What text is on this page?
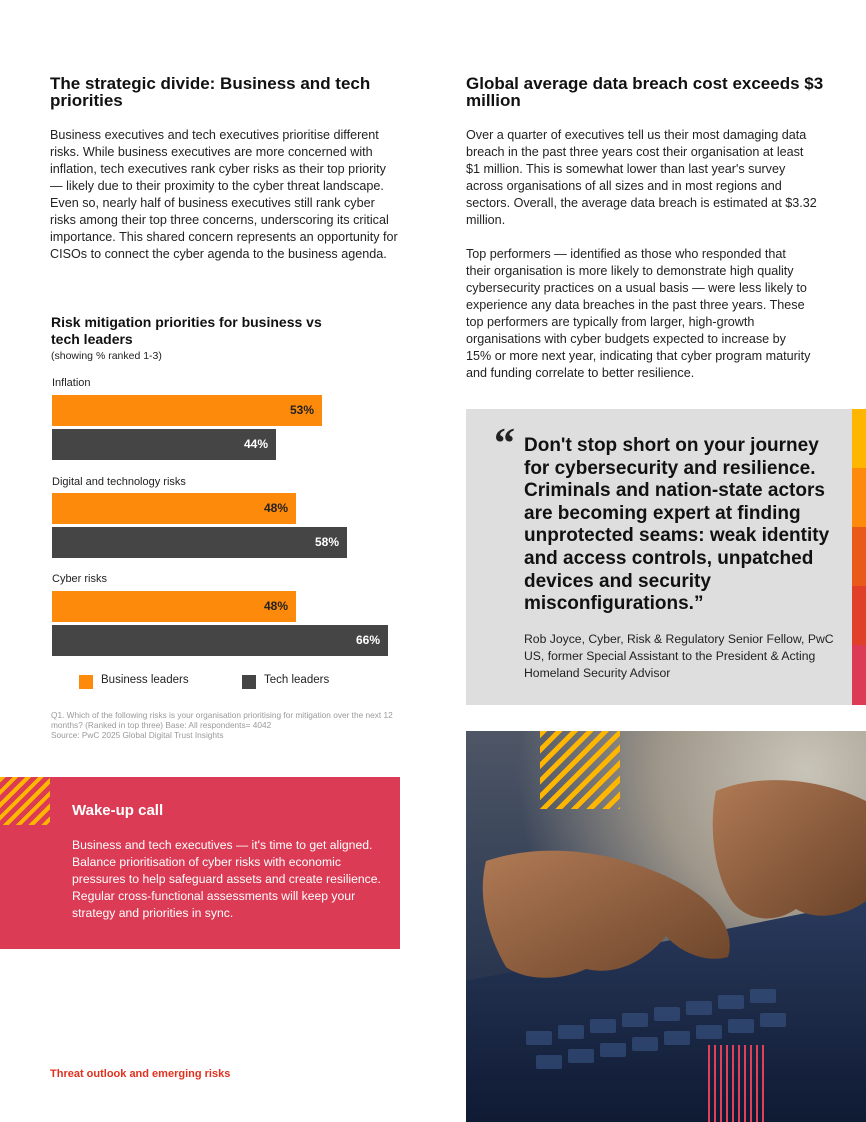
The strategic divide: Business and tech priorities
Business executives and tech executives prioritise different risks. While business executives are more concerned with inflation, tech executives rank cyber risks as their top priority — likely due to their proximity to the cyber threat landscape. Even so, nearly half of business executives still rank cyber risks among their top three concerns, underscoring its critical importance. This shared concern represents an opportunity for CISOs to connect the cyber agenda to the business agenda.
Risk mitigation priorities for business vs tech leaders
(showing % ranked 1-3)
Inflation
53%
44%
Digital and technology risks
48%
58%
Cyber risks
48%
66%
Business leaders	Tech leaders
Q1. Which of the following risks is your organisation prioritising for mitigation over the next 12 months? (Ranked in top three) Base: All respondents= 4042
Source: PwC 2025 Global Digital Trust Insights
Wake-up call
Business and tech executives — it's time to get aligned. Balance prioritisation of cyber risks with economic pressures to help safeguard assets and create resilience. Regular cross-functional assessments will keep your strategy and priorities in sync.
Threat outlook and emerging risks
Global average data breach cost exceeds $3 million
Over a quarter of executives tell us their most damaging data breach in the past three years cost their organisation at least $1 million. This is somewhat lower than last year's survey across organisations of all sizes and in most regions and sectors. Overall, the average data breach is estimated at $3.32 million.
Top performers — identified as those who responded that their organisation is more likely to demonstrate high quality cybersecurity practices on a usual basis — were less likely to experience any data breaches in the past three years. These top performers are typically from larger, high-growth organisations with cyber budgets expected to increase by 15% or more next year, indicating that cyber program maturity and funding correlate to better resilience.
“ Don't stop short on your journey for cybersecurity and resilience. Criminals and nation-state actors are becoming expert at finding unprotected seams: weak identity and access controls, unpatched devices and security misconfigurations.”
Rob Joyce, Cyber, Risk & Regulatory Senior Fellow, PwC US, former Special Assistant to the President & Acting Homeland Security Advisor
